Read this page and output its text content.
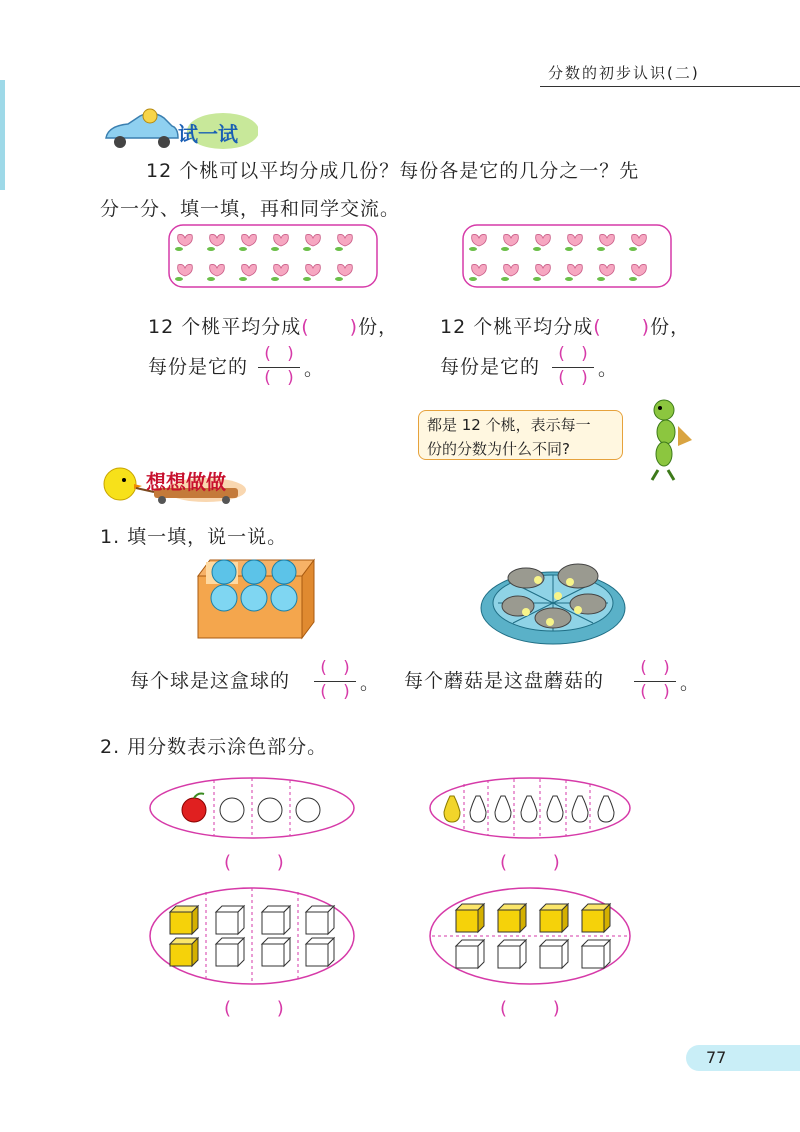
分数的初步认识(二)
试一试
12 个桃可以平均分成几份？每份各是它的几分之一？先
分一分、填一填，再和同学交流。
12 个桃平均分成( )份，
每份是它的
( )
( ) 。
12 个桃平均分成( )份，
每份是它的
( )
( ) 。
都是 12 个桃，表示每一
份的分数为什么不同?
想想做做
1. 填一填，说一说。
每个球是这盒球的
( )
( ) 。 每个蘑菇是这盘蘑菇的
( )
( ) 。
2. 用分数表示涂色部分。
( )	( )
( )	( )
77
